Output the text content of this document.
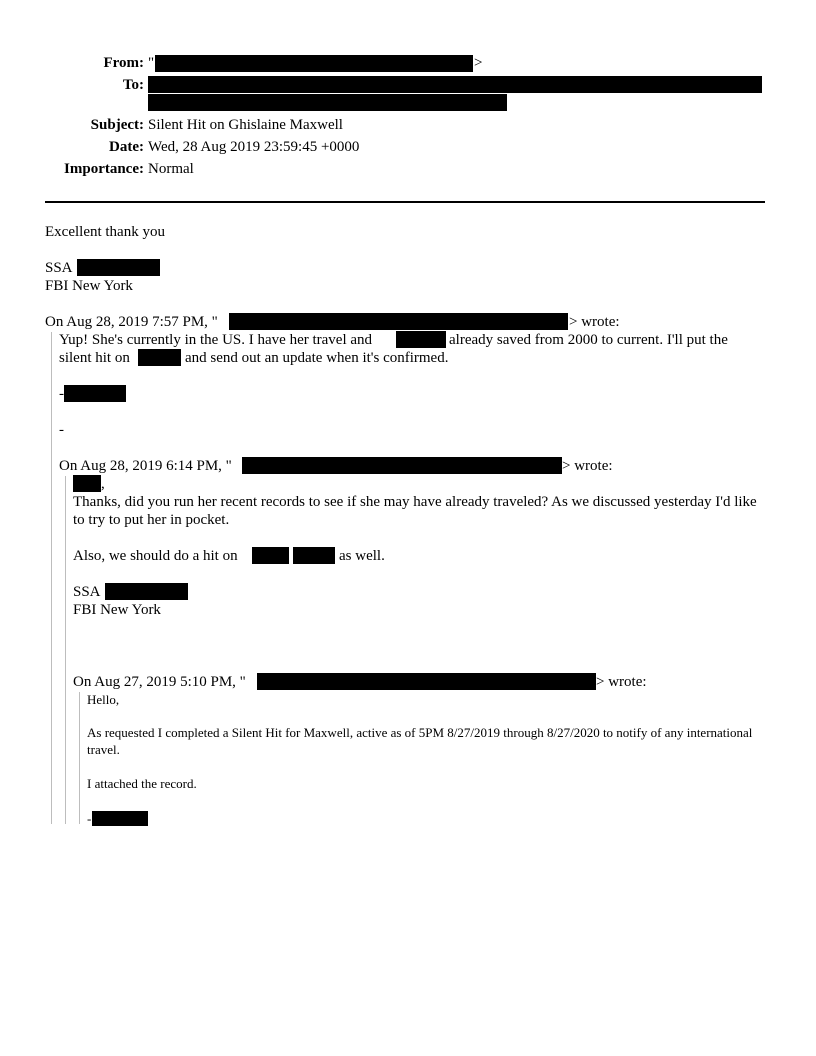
From: "	>
To:
Subject: Silent Hit on Ghislaine Maxwell
Date: Wed, 28 Aug 2019 23:59:45 +0000
Importance: Normal
Excellent thank you
SSA
FBI New York
On Aug 28, 2019 7:57 PM, "	> wrote:
Yup! She's currently in the US. I have her travel and	already saved from 2000 to current. I'll put the
silent hit on	and send out an update when it's confirmed.
-
-
On Aug 28, 2019 6:14 PM, "	> wrote:
,
Thanks, did you run her recent records to see if she may have already traveled? As we discussed yesterday I'd like to try to put her in pocket.
Also, we should do a hit on	as well.
SSA
FBI New York
On Aug 27, 2019 5:10 PM, "	> wrote:
Hello,
As requested I completed a Silent Hit for Maxwell, active as of 5PM 8/27/2019 through 8/27/2020 to notify of any international travel.
I attached the record.
-
